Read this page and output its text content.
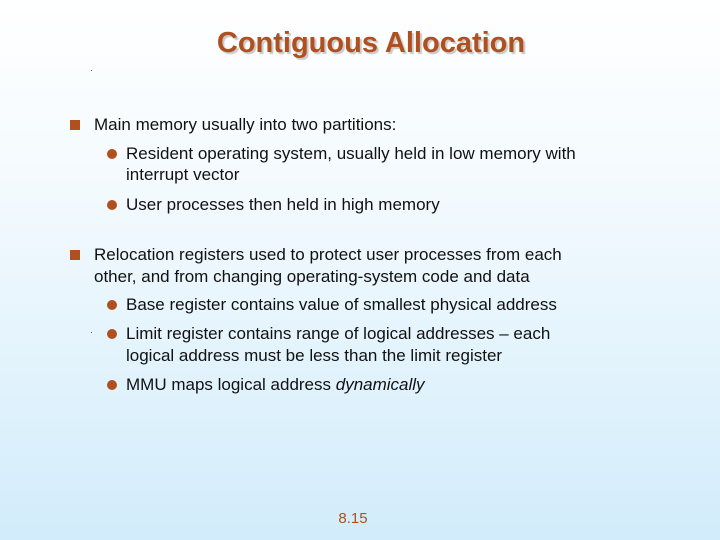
Contiguous Allocation
Main memory usually into two partitions:
Resident operating system, usually held in low memory with
interrupt vector
User processes then held in high memory
Relocation registers used to protect user processes from each
other, and from changing operating-system code and data
Base register contains value of smallest physical address
Limit register contains range of logical addresses – each
logical address must be less than the limit register
MMU maps logical address dynamically
8.15
